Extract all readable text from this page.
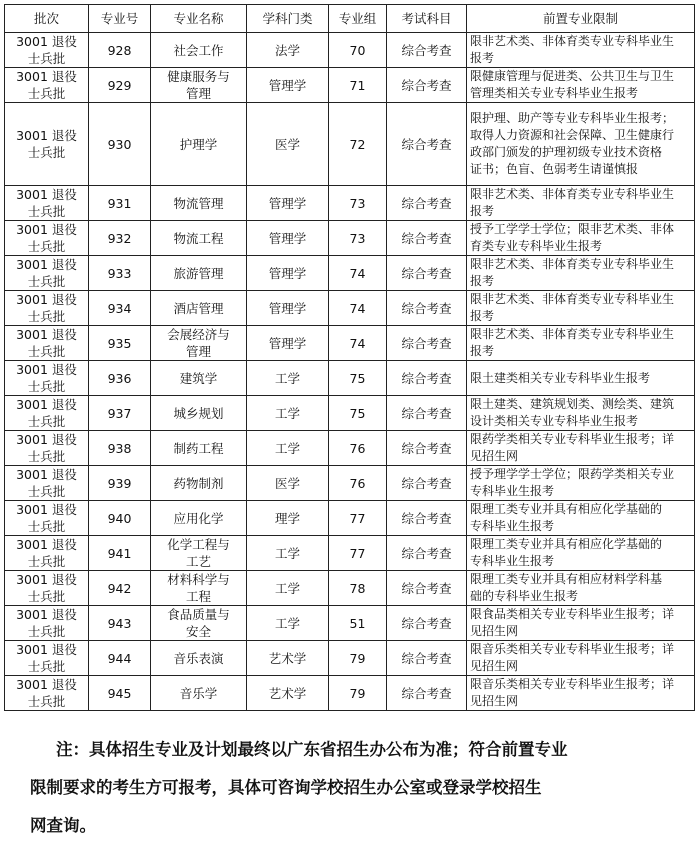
批次	专业号	专业名称	学科门类	专业组	考试科目	前置专业限制
3001 退役
士兵批	928	社会工作	法学	70	综合考查	限非艺术类、非体育类专业专科毕业生
报考
3001 退役
士兵批	929	健康服务与
管理	管理学	71	综合考查	限健康管理与促进类、公共卫生与卫生
管理类相关专业专科毕业生报考
3001 退役
士兵批	930	护理学	医学	72	综合考查	限护理、助产等专业专科毕业生报考；
取得人力资源和社会保障、卫生健康行
政部门颁发的护理初级专业技术资格
证书；色盲、色弱考生请谨慎报
3001 退役
士兵批	931	物流管理	管理学	73	综合考查	限非艺术类、非体育类专业专科毕业生
报考
3001 退役
士兵批	932	物流工程	管理学	73	综合考查	授予工学学士学位；限非艺术类、非体
育类专业专科毕业生报考
3001 退役
士兵批	933	旅游管理	管理学	74	综合考查	限非艺术类、非体育类专业专科毕业生
报考
3001 退役
士兵批	934	酒店管理	管理学	74	综合考查	限非艺术类、非体育类专业专科毕业生
报考
3001 退役
士兵批	935	会展经济与
管理	管理学	74	综合考查	限非艺术类、非体育类专业专科毕业生
报考
3001 退役
士兵批	936	建筑学	工学	75	综合考查	限土建类相关专业专科毕业生报考
3001 退役
士兵批	937	城乡规划	工学	75	综合考查	限土建类、建筑规划类、测绘类、建筑
设计类相关专业专科毕业生报考
3001 退役
士兵批	938	制药工程	工学	76	综合考查	限药学类相关专业专科毕业生报考；详
见招生网
3001 退役
士兵批	939	药物制剂	医学	76	综合考查	授予理学学士学位；限药学类相关专业
专科毕业生报考
3001 退役
士兵批	940	应用化学	理学	77	综合考查	限理工类专业并具有相应化学基础的
专科毕业生报考
3001 退役
士兵批	941	化学工程与
工艺	工学	77	综合考查	限理工类专业并具有相应化学基础的
专科毕业生报考
3001 退役
士兵批	942	材料科学与
工程	工学	78	综合考查	限理工类专业并具有相应材料学科基
础的专科毕业生报考
3001 退役
士兵批	943	食品质量与
安全	工学	51	综合考查	限食品类相关专业专科毕业生报考；详
见招生网
3001 退役
士兵批	944	音乐表演	艺术学	79	综合考查	限音乐类相关专业专科毕业生报考；详
见招生网
3001 退役
士兵批	945	音乐学	艺术学	79	综合考查	限音乐类相关专业专科毕业生报考；详
见招生网
注：具体招生专业及计划最终以广东省招生办公布为准；符合前置专业
限制要求的考生方可报考，具体可咨询学校招生办公室或登录学校招生
网查询。
